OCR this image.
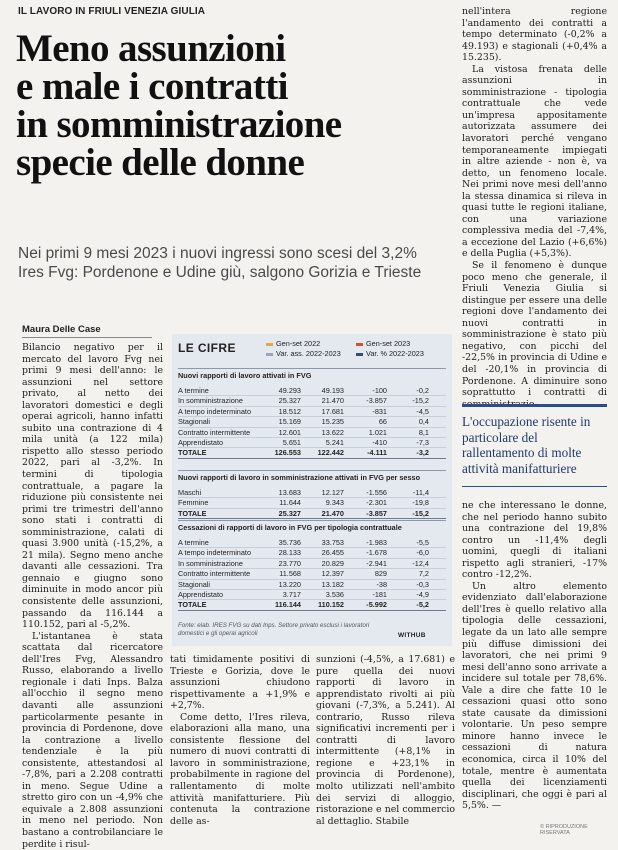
IL LAVORO IN FRIULI VENEZIA GIULIA
Meno assunzioni
e male i contratti
in somministrazione
specie delle donne
Nei primi 9 mesi 2023 i nuovi ingressi sono scesi del 3,2%
Ires Fvg: Pordenone e Udine giù, salgono Gorizia e Trieste
Maura Delle Case

Bilancio negativo per il mercato del lavoro Fvg nei primi 9 mesi dell'anno: le assunzioni nel settore privato, al netto dei lavoratori domestici e degli operai agricoli, hanno infatti subito una contrazione di 4 mila unità (a 122 mila) rispetto allo stesso periodo 2022, pari al -3,2%. In termini di tipologia contrattuale, a pagare la riduzione più consistente nei primi tre trimestri dell'anno sono stati i contratti di somministrazione, calati di quasi 3.900 unità (-15,2%, a 21 mila). Segno meno anche davanti alle cessazioni. Tra gennaio e giugno sono diminuite in modo ancor più consistente delle assunzioni, passando da 116.144 a 110.152, pari al -5,2%.

L'istantanea è stata scattata dal ricercatore dell'Ires Fvg, Alessandro Russo, elaborando a livello regionale i dati Inps. Balza all'occhio il segno meno davanti alle assunzioni particolarmente pesante in provincia di Pordenone, dove la contrazione a livello tendenziale è la più consistente, attestandosi al -7,8%, pari a 2.208 contratti in meno. Segue Udine a stretto giro con un -4,9% che equivale a 2.808 assunzioni in meno nel periodo. Non bastano a controbilanciare le perdite i risul-

LE CIFRE	Gen-set 2022	Gen-set 2023
Var. ass. 2022-2023	Var. % 2022-2023
Nuovi rapporti di lavoro attivati in FVG
A termine	49.293	49.193	-100	-0,2
In somministrazione	25.327	21.470	-3.857	-15,2
A tempo indeterminato	18.512	17.681	-831	-4,5
Stagionali	15.169	15.235	66	0,4
Contratto intermittente	12.601	13.622	1.021	8,1
Apprendistato	5.651	5.241	-410	-7,3
TOTALE	126.553	122.442	-4.111	-3,2
Nuovi rapporti di lavoro in somministrazione attivati in FVG per sesso
Maschi	13.683	12.127	-1.556	-11,4
Femmine	11.644	9.343	-2.301	-19,8
TOTALE	25.327	21.470	-3.857	-15,2
Cessazioni di rapporti di lavoro in FVG per tipologia contrattuale
A termine	35.736	33.753	-1.983	-5,5
A tempo indeterminato	28.133	26.455	-1.678	-6,0
In somministrazione	23.770	20.829	-2.941	-12,4
Contratto intermittente	11.568	12.397	829	7,2
Stagionali	13.220	13.182	-38	-0,3
Apprendistato	3.717	3.536	-181	-4,9
TOTALE	116.144	110.152	-5.992	-5,2
Fonte: elab. IRES FVG su dati Inps. Settore privato esclusi i lavoratori domestici e gli operai agricoli	WITHUB

tati timidamente positivi di Trieste e Gorizia, dove le assunzioni chiudono rispettivamente a +1,9% e +2,7%.

Come detto, l'Ires rileva, elaborazioni alla mano, una consistente flessione del numero di nuovi contratti di lavoro in somministrazione, probabilmente in ragione del rallentamento di molte attività manifatturiere. Più contenuta la contrazione delle as-

sunzioni (-4,5%, a 17.681) e pure quella dei nuovi rapporti di lavoro in apprendistato rivolti ai più giovani (-7,3%, a 5.241). Al contrario, Russo rileva significativi incrementi per i contratti di lavoro intermittente (+8,1% in regione e +23,1% in provincia di Pordenone), molto utilizzati nell'ambito dei servizi di alloggio, ristorazione e nel commercio al dettaglio. Stabile

nell'intera regione l'andamento dei contratti a tempo determinato (-0,2% a 49.193) e stagionali (+0,4% a 15.235).

La vistosa frenata delle assunzioni in somministrazione - tipologia contrattuale che vede un'impresa appositamente autorizzata assumere dei lavoratori perché vengano temporaneamente impiegati in altre aziende - non è, va detto, un fenomeno locale. Nei primi nove mesi dell'anno la stessa dinamica si rileva in quasi tutte le regioni italiane, con una variazione complessiva media del -7,4%, a eccezione del Lazio (+6,6%) e della Puglia (+5,3%).

Se il fenomeno è dunque poco meno che generale, il Friuli Venezia Giulia si distingue per essere una delle regioni dove l'andamento dei nuovi contratti in somministrazione è stato più negativo, con picchi del -22,5% in provincia di Udine e del -20,1% in provincia di Pordenone. A diminuire sono soprattutto i contratti di somministrazio-

L'occupazione risente in particolare del rallentamento di molte attività manifatturiere

ne che interessano le donne, che nel periodo hanno subito una contrazione del 19,8% contro un -11,4% degli uomini, quegli di italiani rispetto agli stranieri, -17% contro -12,2%.

Un altro elemento evidenziato dall'elaborazione dell'Ires è quello relativo alla tipologia delle cessazioni, legate da un lato alle sempre più diffuse dimissioni dei lavoratori, che nei primi 9 mesi dell'anno sono arrivate a incidere sul totale per 78,6%. Vale a dire che fatte 10 le cessazioni quasi otto sono state causate da dimissioni volontarie. Un peso sempre minore hanno invece le cessazioni di natura economica, circa il 10% del totale, mentre è aumentata quella dei licenziamenti disciplinari, che oggi è pari al 5,5%. —

© RIPRODUZIONE RISERVATA
